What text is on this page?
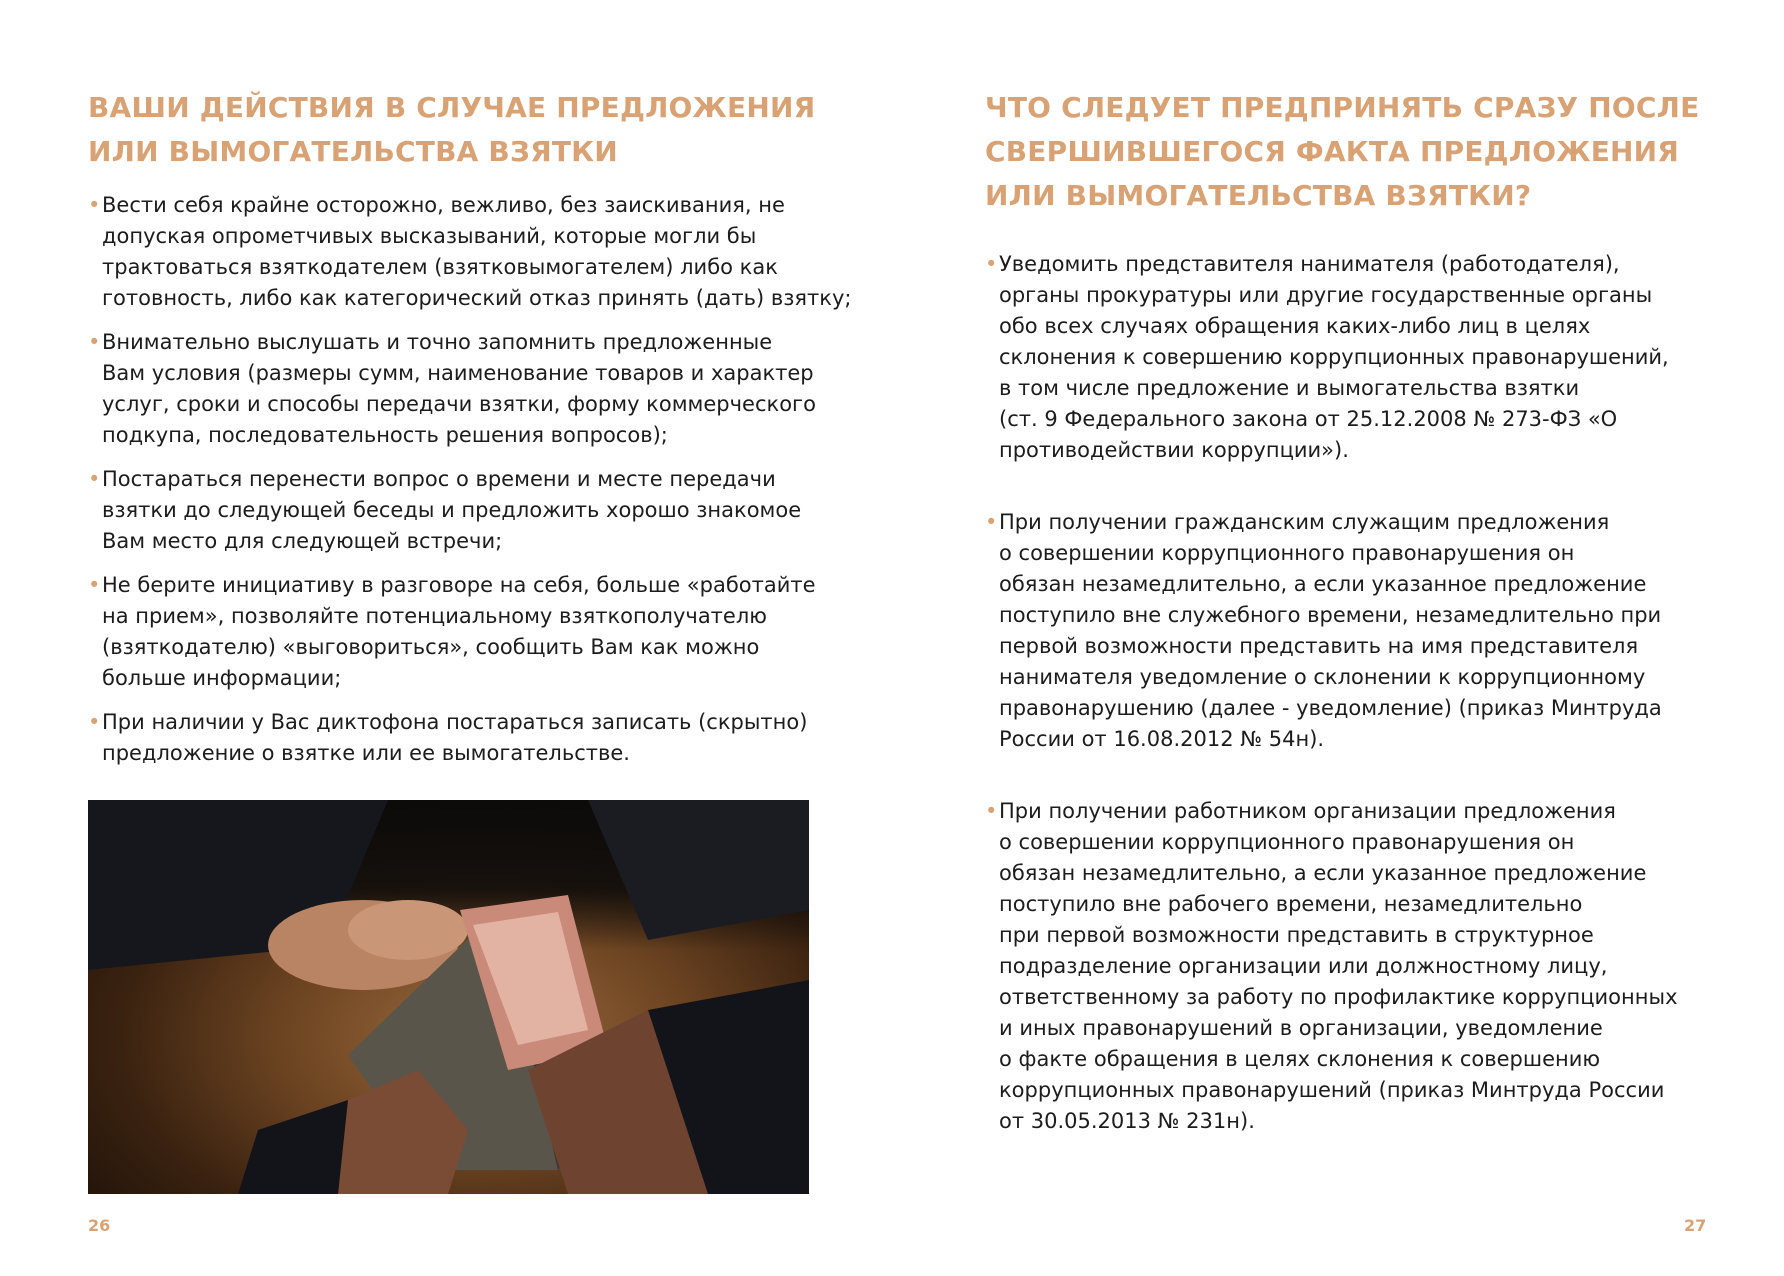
ВАШИ ДЕЙСТВИЯ В СЛУЧАЕ ПРЕДЛОЖЕНИЯ
ИЛИ ВЫМОГАТЕЛЬСТВА ВЗЯТКИ
• Вести себя крайне осторожно, вежливо, без заискивания, не
допуская опрометчивых высказываний, которые могли бы
трактоваться взяткодателем (взятковымогателем) либо как
готовность, либо как категорический отказ принять (дать) взятку;
• Внимательно выслушать и точно запомнить предложенные
Вам условия (размеры сумм, наименование товаров и характер
услуг, сроки и способы передачи взятки, форму коммерческого
подкупа, последовательность решения вопросов);
• Постараться перенести вопрос о времени и месте передачи
взятки до следующей беседы и предложить хорошо знакомое
Вам место для следующей встречи;
• Не берите инициативу в разговоре на себя, больше «работайте
на прием», позволяйте потенциальному взяткополучателю
(взяткодателю) «выговориться», сообщить Вам как можно
больше информации;
• При наличии у Вас диктофона постараться записать (скрытно)
предложение о взятке или ее вымогательстве.
26
ЧТО СЛЕДУЕТ ПРЕДПРИНЯТЬ СРАЗУ ПОСЛЕ
СВЕРШИВШЕГОСЯ ФАКТА ПРЕДЛОЖЕНИЯ
ИЛИ ВЫМОГАТЕЛЬСТВА ВЗЯТКИ?
• Уведомить представителя нанимателя (работодателя),
органы прокуратуры или другие государственные органы
обо всех случаях обращения каких-либо лиц в целях
склонения к совершению коррупционных правонарушений,
в том числе предложение и вымогательства взятки
(ст. 9 Федерального закона от 25.12.2008 № 273-ФЗ «О
противодействии коррупции»).
• При получении гражданским служащим предложения
о совершении коррупционного правонарушения он
обязан незамедлительно, а если указанное предложение
поступило вне служебного времени, незамедлительно при
первой возможности представить на имя представителя
нанимателя уведомление о склонении к коррупционному
правонарушению (далее - уведомление) (приказ Минтруда
России от 16.08.2012 № 54н).
• При получении работником организации предложения
о совершении коррупционного правонарушения он
обязан незамедлительно, а если указанное предложение
поступило вне рабочего времени, незамедлительно
при первой возможности представить в структурное
подразделение организации или должностному лицу,
ответственному за работу по профилактике коррупционных
и иных правонарушений в организации, уведомление
о факте обращения в целях склонения к совершению
коррупционных правонарушений (приказ Минтруда России
от 30.05.2013 № 231н).
27
